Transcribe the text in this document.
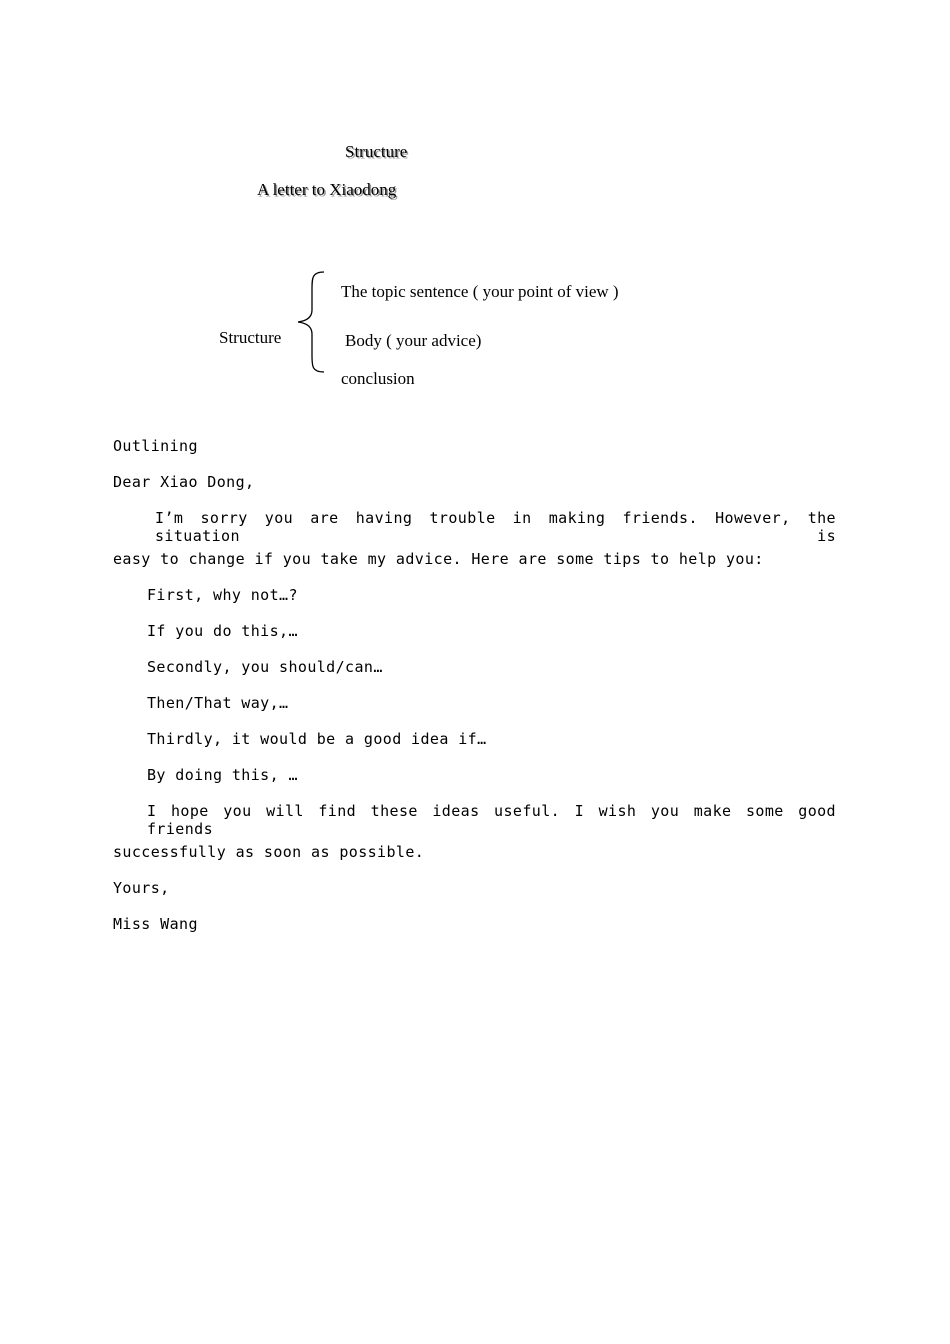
Structure
A letter to Xiaodong
Structure
The topic sentence ( your point of view )
Body ( your advice)
conclusion
Outlining
Dear Xiao Dong,
I’m sorry you are having trouble in making friends. However, the situation is
easy to change if you take my advice. Here are some tips to help you:
First, why not…?
If you do this,…
Secondly, you should/can…
Then/That way,…
Thirdly, it would be a good idea if…
By doing this, …
I hope you will find these ideas useful. I wish you make some good friends
successfully as soon as possible.
Yours,
Miss Wang
